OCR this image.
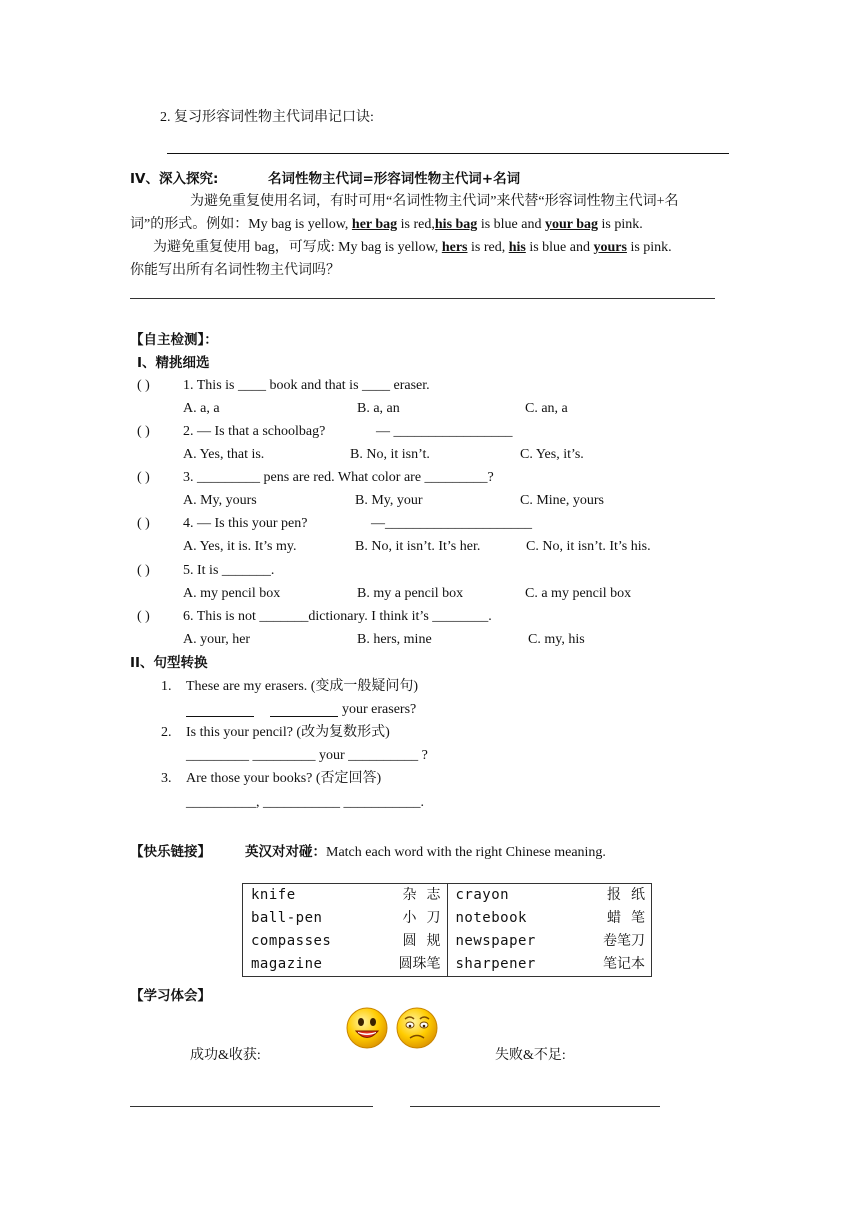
2. 复习形容词性物主代词串记口诀:
IV、深入探究:	名词性物主代词=形容词性物主代词+名词
为避免重复使用名词，有时可用“名词性物主代词”来代替“形容词性物主代词+名
词”的形式。例如：My bag is yellow, her bag is red,his bag is blue and your bag is pink.
为避免重复使用 bag，可写成: My bag is yellow, hers is red, his is blue and yours is pink.
你能写出所有名词性物主代词吗？
【自主检测】：
I、精挑细选
( ) 1. This is ____ book and that is ____ eraser.
A. a, a	B. a, an	C. an, a
( ) 2. — Is that a schoolbag?	— _________________
A. Yes, that is.	B. No, it isn’t.	C. Yes, it’s.
( ) 3. _________ pens are red. What color are _________?
A. My, yours	B. My, your	C. Mine, yours
( ) 4. — Is this your pen?	—_____________________
A. Yes, it is. It’s my.	B. No, it isn’t. It’s her.	C. No, it isn’t. It’s his.
( ) 5. It is _______.
A. my pencil box	B. my a pencil box	C. a my pencil box
( ) 6. This is not _______dictionary. I think it’s ________.
A. your, her	B. hers, mine	C. my, his
II、句型转换
1. These are my erasers. (变成一般疑问句)
your erasers?
2. Is this your pencil? (改为复数形式)
_________ _________ your __________ ?
3. Are those your books? (否定回答)
__________, ___________ ___________.
【快乐链接】	英汉对对碰：Match each word with the right Chinese meaning.
knife 杂志	crayon 报纸

ball-pen 小刀	notebook 蜡笔

compasses 圆规	newspaper 卷笔刀

magazine 圆珠笔	sharpener 笔记本
【学习体会】
成功&收获:	失败&不足:
